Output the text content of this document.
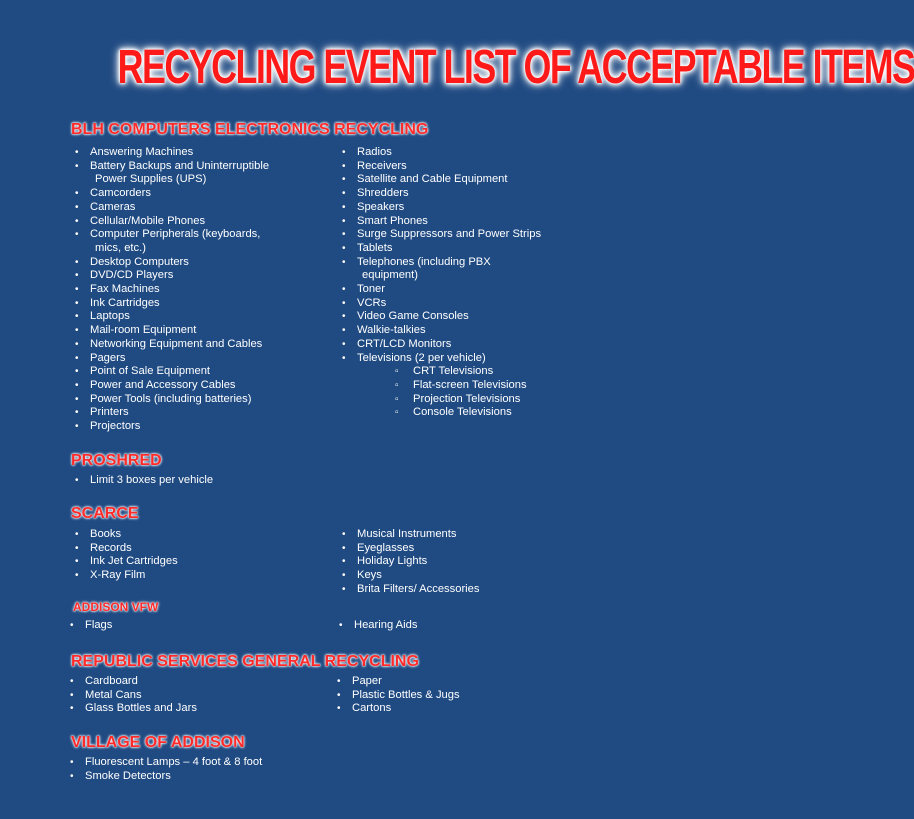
RECYCLING EVENT LIST OF ACCEPTABLE ITEMS
BLH COMPUTERS ELECTRONICS RECYCLING
• Answering Machines
• Battery Backups and Uninterruptible
Power Supplies (UPS)
• Camcorders
• Cameras
• Cellular/Mobile Phones
• Computer Peripherals (keyboards,
mics, etc.)
• Desktop Computers
• DVD/CD Players
• Fax Machines
• Ink Cartridges
• Laptops
• Mail-room Equipment
• Networking Equipment and Cables
• Pagers
• Point of Sale Equipment
• Power and Accessory Cables
• Power Tools (including batteries)
• Printers
• Projectors
• Radios
• Receivers
• Satellite and Cable Equipment
• Shredders
• Speakers
• Smart Phones
• Surge Suppressors and Power Strips
• Tablets
• Telephones (including PBX
equipment)
• Toner
• VCRs
• Video Game Consoles
• Walkie-talkies
• CRT/LCD Monitors
• Televisions (2 per vehicle)
▫ CRT Televisions
▫ Flat-screen Televisions
▫ Projection Televisions
▫ Console Televisions
PROSHRED
• Limit 3 boxes per vehicle
SCARCE
• Books
• Records
• Ink Jet Cartridges
• X-Ray Film
• Musical Instruments
• Eyeglasses
• Holiday Lights
• Keys
• Brita Filters/ Accessories
ADDISON VFW
• Flags
•	Hearing Aids
REPUBLIC SERVICES GENERAL RECYCLING
• Cardboard
• Metal Cans
• Glass Bottles and Jars
• Paper
• Plastic Bottles & Jugs
• Cartons
VILLAGE OF ADDISON
• Fluorescent Lamps – 4 foot & 8 foot
• Smoke Detectors
